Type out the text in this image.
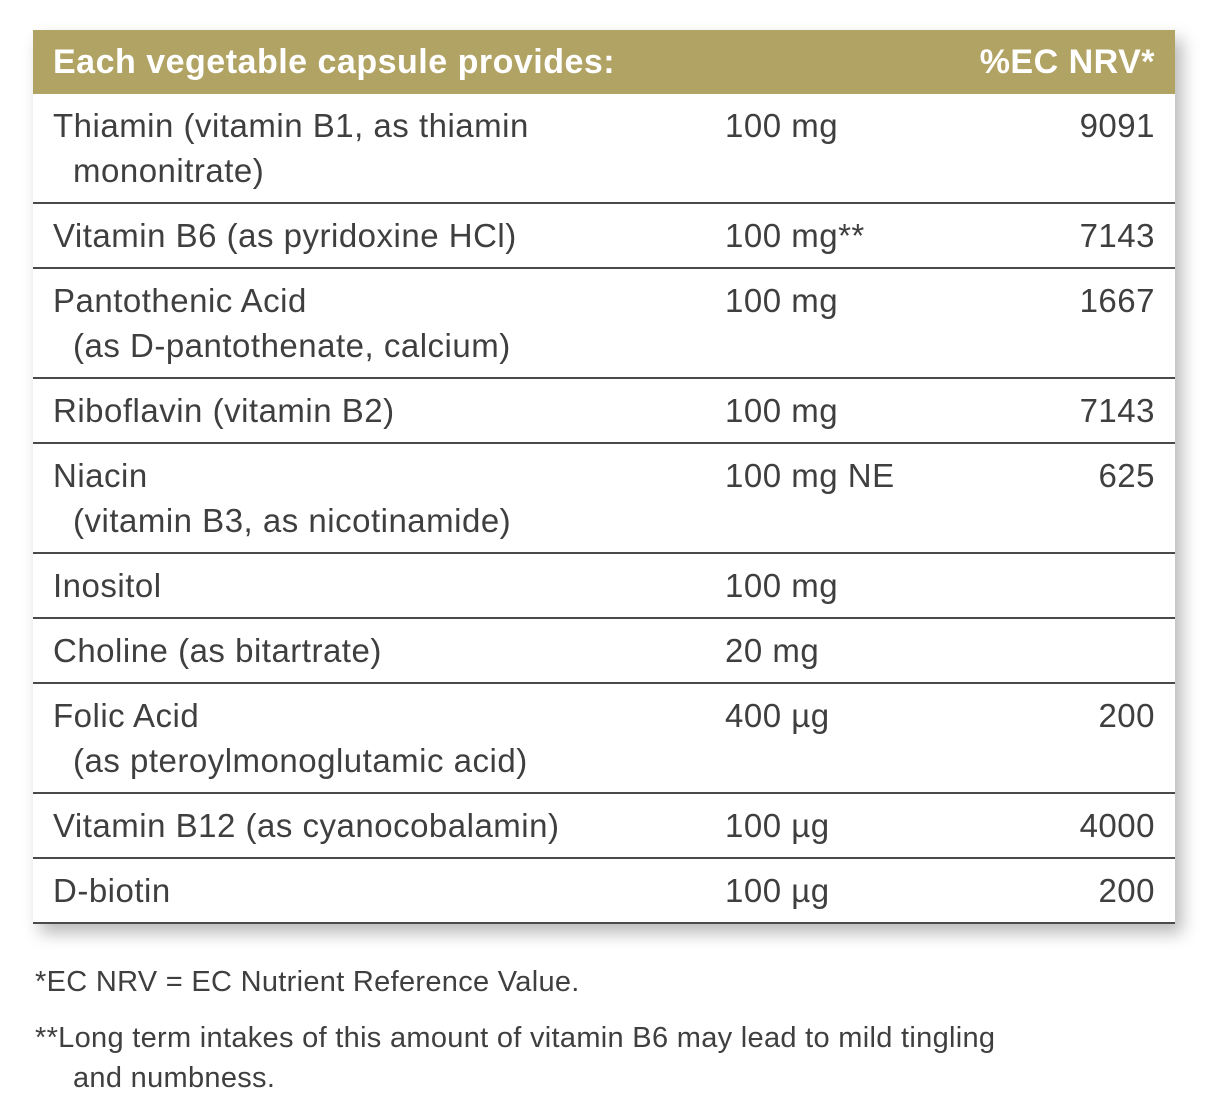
Each vegetable capsule provides:	%EC NRV*
Thiamin (vitamin B1, as thiamin
mononitrate)
100 mg	9091
Vitamin B6 (as pyridoxine HCl)	100 mg**	7143
Pantothenic Acid
(as D-pantothenate, calcium)
100 mg	1667
Riboflavin (vitamin B2)	100 mg	7143
Niacin
(vitamin B3, as nicotinamide)
100 mg NE	625
Inositol	100 mg
Choline (as bitartrate)	20 mg
Folic Acid
(as pteroylmonoglutamic acid)
400 µg	200
Vitamin B12 (as cyanocobalamin)	100 µg	4000
D-biotin	100 µg	200
*EC NRV = EC Nutrient Reference Value.
**Long term intakes of this amount of vitamin B6 may lead to mild tingling
and numbness.
